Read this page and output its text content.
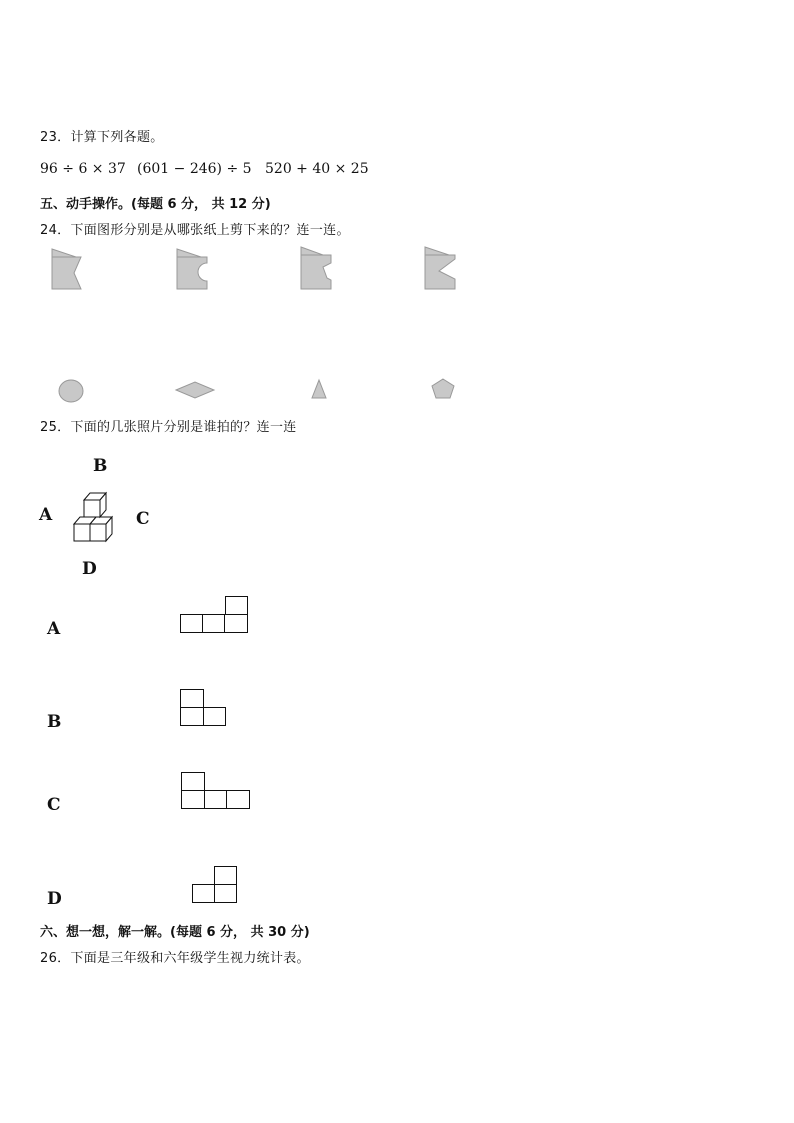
23．计算下列各题。
96 ÷ 6 × 37 (601 − 246) ÷ 5 520 + 40 × 25
五、动手操作。(每题 6 分， 共 12 分)
24．下面图形分别是从哪张纸上剪下来的？连一连。
25．下面的几张照片分别是谁拍的？连一连
B
A	C
D
A
B
C
D
六、想一想，解一解。(每题 6 分， 共 30 分)
26．下面是三年级和六年级学生视力统计表。
